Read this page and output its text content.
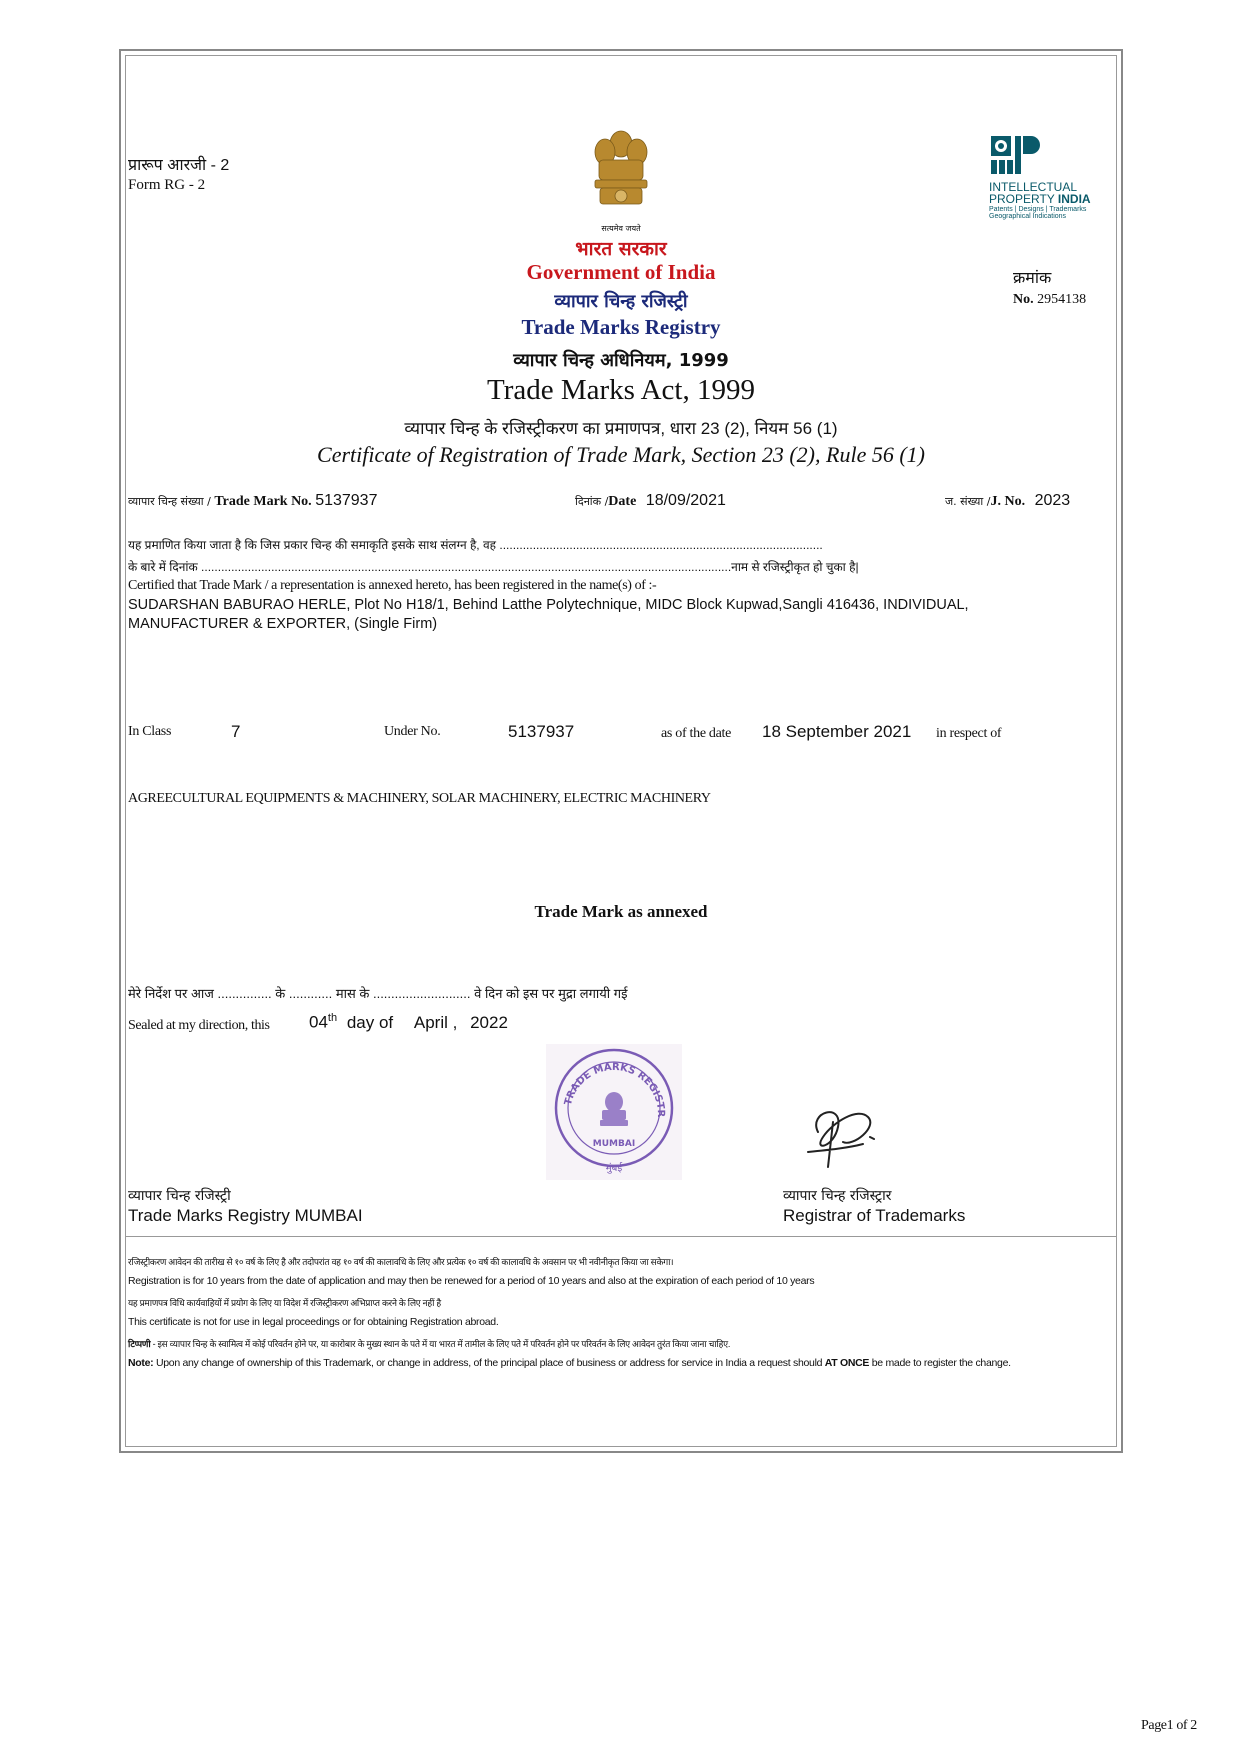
प्रारूप आरजी - 2
Form RG - 2
सत्यमेव जयते
INTELLECTUAL
PROPERTY INDIA
Patents | Designs | Trademarks
Geographical Indications
भारत सरकार
Government of India
व्यापार चिन्ह रजिस्ट्री
Trade Marks Registry
व्यापार चिन्ह अधिनियम, 1999
Trade Marks Act, 1999
व्यापार चिन्ह के रजिस्ट्रीकरण का प्रमाणपत्र, धारा 23 (2), नियम 56 (1)
Certificate of Registration of Trade Mark, Section 23 (2), Rule 56 (1)
क्रमांक
No. 2954138
व्यापार चिन्ह संख्या / Trade Mark No. 5137937	दिनांक /Date 18/09/2021	ज. संख्या /J. No. 2023
यह प्रमाणित किया जाता है कि जिस प्रकार चिन्ह की समाकृति इसके साथ संलग्न है, वह .................................................................................................
के बारे में दिनांक ...............................................................................................................................................................नाम से रजिस्ट्रीकृत हो चुका है|
Certified that Trade Mark / a representation is annexed hereto, has been registered in the name(s) of :-
SUDARSHAN BABURAO HERLE, Plot No H18/1, Behind Latthe Polytechnique, MIDC Block Kupwad,Sangli 416436, INDIVIDUAL,
MANUFACTURER & EXPORTER, (Single Firm)
In Class	7	Under No.	5137937	as of the date 18 September 2021 in respect of
AGREECULTURAL EQUIPMENTS & MACHINERY, SOLAR MACHINERY, ELECTRIC MACHINERY
Trade Mark as annexed
मेरे निर्देश पर आज ............... के ............ मास के ........................... वे दिन को इस पर मुद्रा लगायी गई
Sealed at my direction, this 04th day of April , 2022
TRADE MARKS REGISTR
MUMBAI
मुंबई
व्यापार चिन्ह रजिस्ट्री
Trade Marks Registry MUMBAI
व्यापार चिन्ह रजिस्ट्रार
Registrar of Trademarks
रजिस्ट्रीकरण आवेदन की तारीख से १० वर्ष के लिए है और तदोपरांत वह १० वर्ष की कालावधि के लिए और प्रत्येक १० वर्ष की कालावधि के अवसान पर भी नवीनीकृत किया जा सकेगा।
Registration is for 10 years from the date of application and may then be renewed for a period of 10 years and also at the expiration of each period of 10 years
यह प्रमाणपत्र विधि कार्यवाहियों में प्रयोग के लिए या विदेश में रजिस्ट्रीकरण अभिप्राप्त करने के लिए नहीं है
This certificate is not for use in legal proceedings or for obtaining Registration abroad.
टिप्पणी - इस व्यापार चिन्ह के स्वामित्व में कोई परिवर्तन होने पर, या कारोबार के मुख्य स्थान के पते में या भारत में तामील के लिए पते में परिवर्तन होने पर परिवर्तन के लिए आवेदन तुरंत किया जाना चाहिए.
Note: Upon any change of ownership of this Trademark, or change in address, of the principal place of business or address for service in India a request should AT ONCE be made to register the change.
Page1 of 2
